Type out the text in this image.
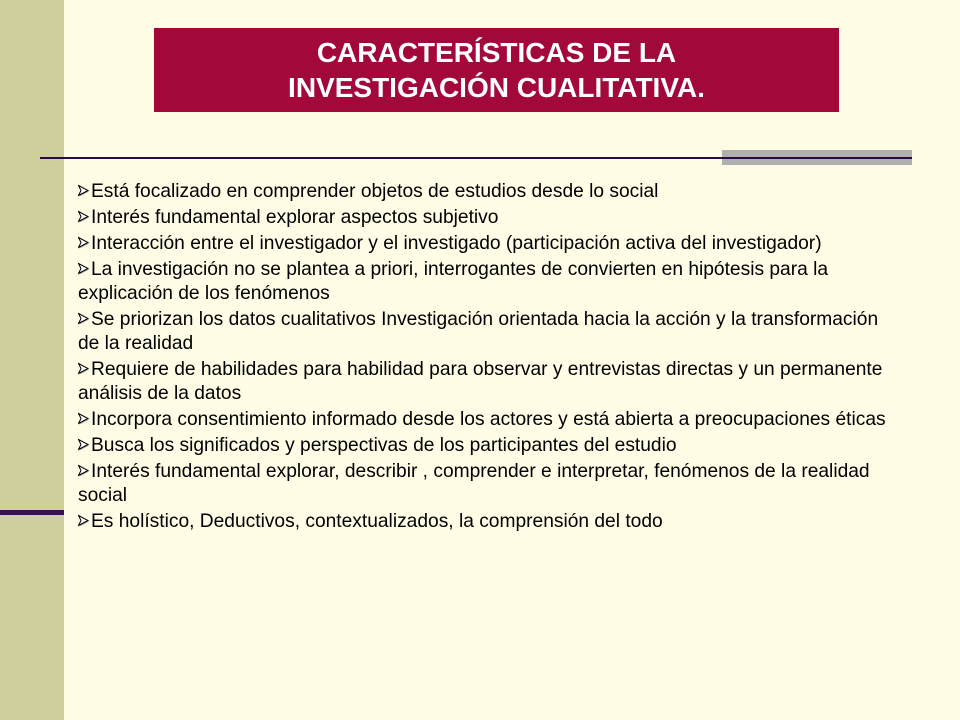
CARACTERÍSTICAS DE LA
INVESTIGACIÓN CUALITATIVA.
Está focalizado en comprender objetos de estudios desde lo social
Interés fundamental explorar aspectos subjetivo
Interacción entre el investigador y el investigado (participación activa del investigador)
La investigación no se plantea a priori, interrogantes de convierten en hipótesis para la explicación de los fenómenos
Se priorizan los datos cualitativos Investigación orientada hacia la acción y la transformación de la realidad
Requiere de habilidades para habilidad para observar y entrevistas directas y un permanente análisis de la datos
Incorpora consentimiento informado desde los actores y está abierta a preocupaciones éticas
Busca los significados y perspectivas de los participantes del estudio
Interés fundamental explorar, describir , comprender e interpretar, fenómenos de la realidad social
Es holístico, Deductivos, contextualizados, la comprensión del todo
